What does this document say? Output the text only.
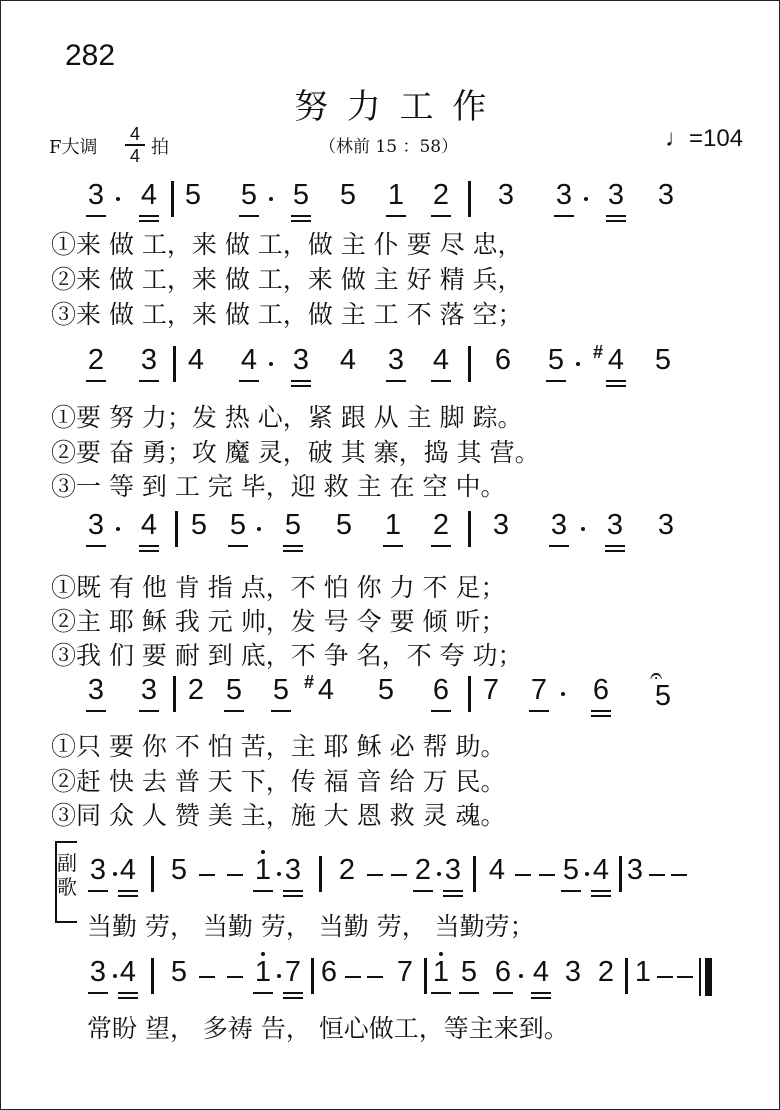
282
努 力 工 作
F大调
4
4 拍	（林前 15 ：58）	♩=104
3 4 5 5 5 5 1 2 3 3 3 3
①来 做 工，来 做 工，做 主 仆 要 尽 忠，
②来 做 工，来 做 工，来 做 主 好 精 兵，
③来 做 工，来 做 工，做 主 工 不 落 空；
2 3 4 4 3 4 3 4 6 5 # 4 5
①要 努 力；发 热 心，紧 跟 从 主 脚 踪。
②要 奋 勇；攻 魔 灵，破 其 寨，捣 其 营。
③一 等 到 工 完 毕，迎 救 主 在 空 中。
3 4 5 5 5 5 1 2 3 3 3 3
①既 有 他 肯 指 点，不 怕 你 力 不 足；
②主 耶 稣 我 元 帅，发 号 令 要 倾 听；
③我 们 要 耐 到 底，不 争 名，不 夸 功；
3 3 2 5 5 # 4 5 6 7 7 6 𝄐
5
①只 要 你 不 怕 苦，主 耶 稣 必 帮 助。
②赶 快 去 普 天 下，传 福 音 给 万 民。
③同 众 人 赞 美 主，施 大 恩 救 灵 魂。
副
歌
3 4 5 1 3 2 2 3 4 5 4 3
当勤 劳， 当勤 劳， 当勤 劳， 当勤劳；
3 4 5 1 7 6 7 1 5 6 4 3 2 1
常盼 望， 多祷 告， 恒心做工，等主来到。
